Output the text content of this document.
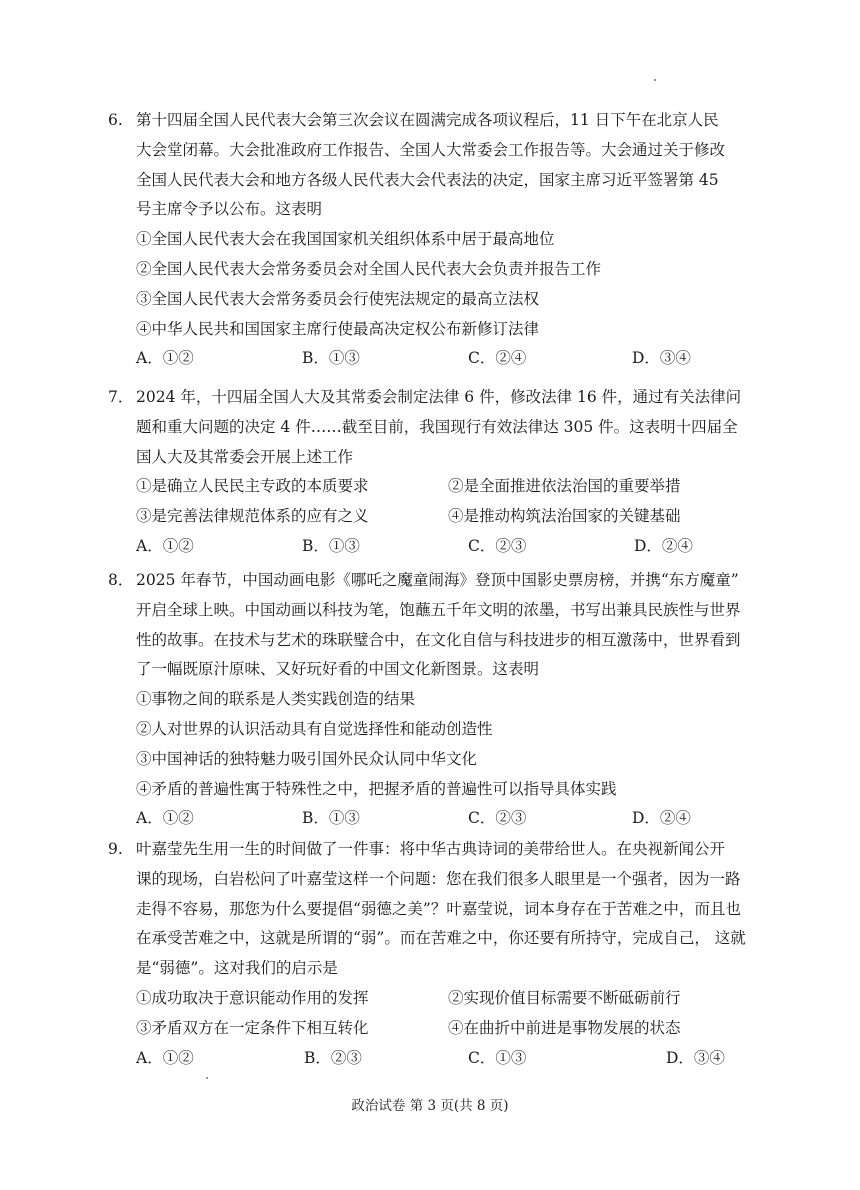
6. 第十四届全国人民代表大会第三次会议在圆满完成各项议程后，11 日下午在北京人民
大会堂闭幕。大会批准政府工作报告、全国人大常委会工作报告等。大会通过关于修改
全国人民代表大会和地方各级人民代表大会代表法的决定，国家主席习近平签署第 45
号主席令予以公布。这表明
①全国人民代表大会在我国国家机关组织体系中居于最高地位
②全国人民代表大会常务委员会对全国人民代表大会负责并报告工作
③全国人民代表大会常务委员会行使宪法规定的最高立法权
④中华人民共和国国家主席行使最高决定权公布新修订法律
A．①②	B．①③	C．②④	D．③④
7． 2024 年，十四届全国人大及其常委会制定法律 6 件，修改法律 16 件，通过有关法律问
题和重大问题的决定 4 件……截至目前，我国现行有效法律达 305 件。这表明十四届全
国人大及其常委会开展上述工作
①是确立人民民主专政的本质要求	②是全面推进依法治国的重要举措
③是完善法律规范体系的应有之义	④是推动构筑法治国家的关键基础
A．①②	B．①③	C．②③	D．②④
8． 2025 年春节，中国动画电影《哪吒之魔童闹海》登顶中国影史票房榜，并携“东方魔童”
开启全球上映。中国动画以科技为笔，饱蘸五千年文明的浓墨，书写出兼具民族性与世界
性的故事。在技术与艺术的珠联璧合中，在文化自信与科技进步的相互激荡中，世界看到
了一幅既原汁原味、又好玩好看的中国文化新图景。这表明
①事物之间的联系是人类实践创造的结果
②人对世界的认识活动具有自觉选择性和能动创造性
③中国神话的独特魅力吸引国外民众认同中华文化
④矛盾的普遍性寓于特殊性之中，把握矛盾的普遍性可以指导具体实践
A．①②	B．①③	C．②③	D．②④
9. 叶嘉莹先生用一生的时间做了一件事：将中华古典诗词的美带给世人。在央视新闻公开
课的现场，白岩松问了叶嘉莹这样一个问题：您在我们很多人眼里是一个强者，因为一路
走得不容易，那您为什么要提倡“弱德之美”？叶嘉莹说，词本身存在于苦难之中，而且也
在承受苦难之中，这就是所谓的“弱”。而在苦难之中，你还要有所持守，完成自己， 这就
是“弱德”。这对我们的启示是
①成功取决于意识能动作用的发挥	②实现价值目标需要不断砥砺前行
③矛盾双方在一定条件下相互转化	④在曲折中前进是事物发展的状态
A．①②	B．②③	C．①③	D．③④
政治试卷 第 3 页(共 8 页)
